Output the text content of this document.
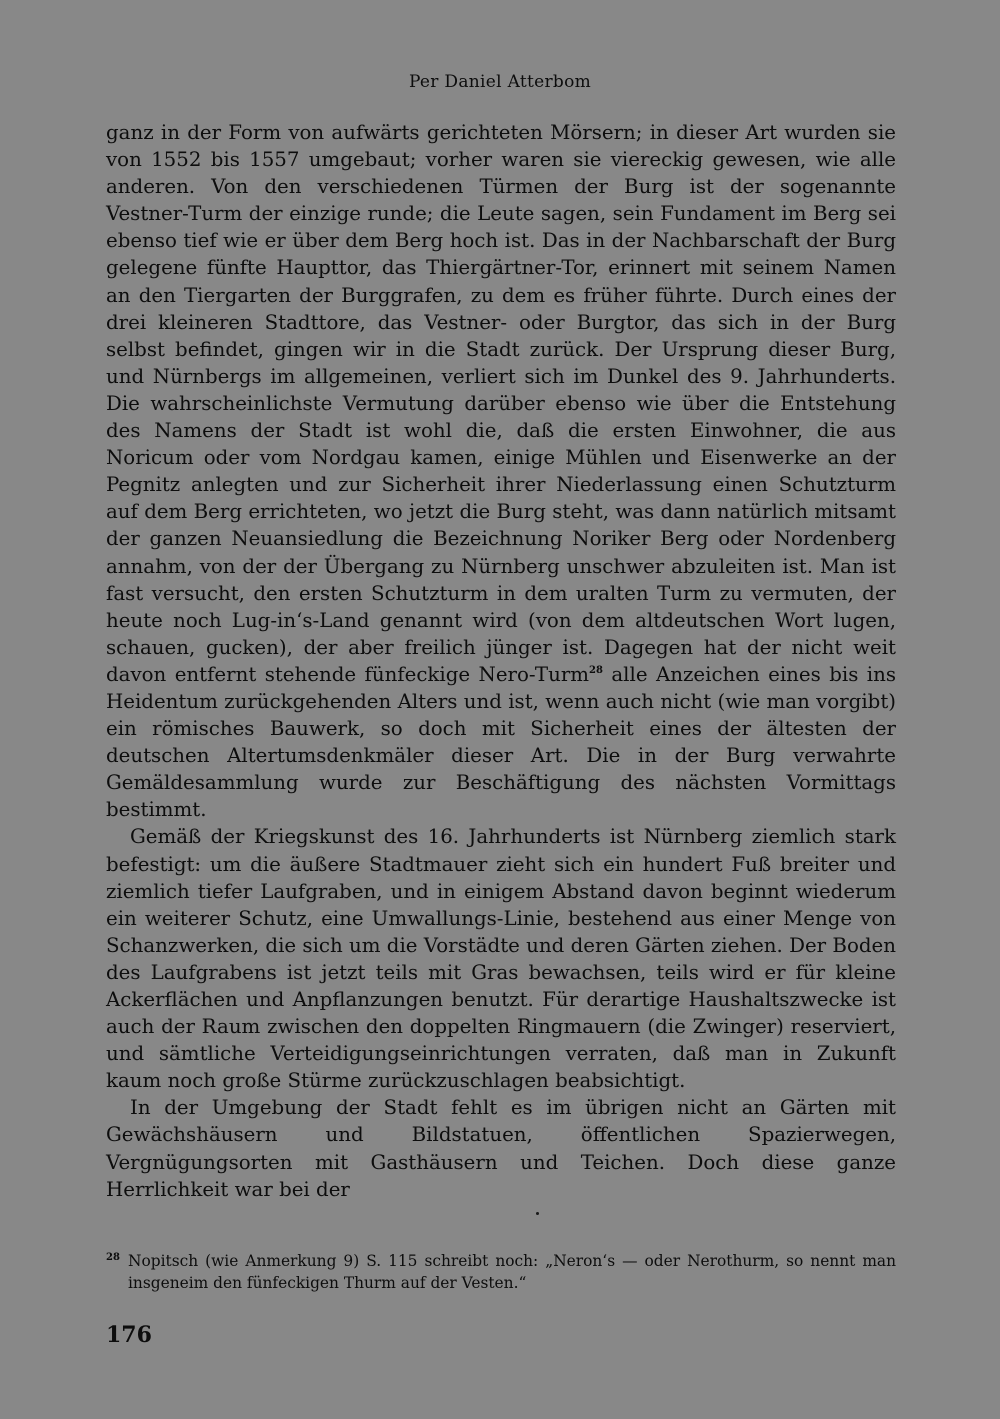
Per Daniel Atterbom

ganz in der Form von aufwärts gerichteten Mörsern; in dieser Art wurden sie von 1552 bis 1557 umgebaut; vorher waren sie viereckig gewesen, wie alle anderen. Von den verschiedenen Türmen der Burg ist der sogenannte Vestner-Turm der einzige runde; die Leute sagen, sein Fundament im Berg sei ebenso tief wie er über dem Berg hoch ist. Das in der Nachbarschaft der Burg gelegene fünfte Haupttor, das Thiergärtner-Tor, erinnert mit seinem Namen an den Tiergarten der Burggrafen, zu dem es früher führte. Durch eines der drei kleineren Stadttore, das Vestner- oder Burgtor, das sich in der Burg selbst befindet, gingen wir in die Stadt zurück. Der Ursprung dieser Burg, und Nürnbergs im allgemeinen, verliert sich im Dunkel des 9. Jahrhunderts. Die wahrscheinlichste Vermutung darüber ebenso wie über die Entstehung des Namens der Stadt ist wohl die, daß die ersten Einwohner, die aus Noricum oder vom Nordgau kamen, einige Mühlen und Eisenwerke an der Pegnitz anlegten und zur Sicherheit ihrer Niederlassung einen Schutzturm auf dem Berg errichteten, wo jetzt die Burg steht, was dann natürlich mitsamt der ganzen Neuansiedlung die Bezeichnung Noriker Berg oder Nordenberg annahm, von der der Übergang zu Nürnberg unschwer abzuleiten ist. Man ist fast versucht, den ersten Schutzturm in dem uralten Turm zu vermuten, der heute noch Lug-in‘s-Land genannt wird (von dem altdeutschen Wort lugen, schauen, gucken), der aber freilich jünger ist. Dagegen hat der nicht weit davon entfernt stehende fünfeckige Nero-Turm$^{28}$ alle Anzeichen eines bis ins Heidentum zurückgehenden Alters und ist, wenn auch nicht (wie man vorgibt) ein römisches Bauwerk, so doch mit Sicherheit eines der ältesten der deutschen Altertumsdenkmäler dieser Art. Die in der Burg verwahrte Gemäldesammlung wurde zur Beschäftigung des nächsten Vormittags bestimmt.

Gemäß der Kriegskunst des 16. Jahrhunderts ist Nürnberg ziemlich stark befestigt: um die äußere Stadtmauer zieht sich ein hundert Fuß breiter und ziemlich tiefer Laufgraben, und in einigem Abstand davon beginnt wiederum ein weiterer Schutz, eine Umwallungs-Linie, bestehend aus einer Menge von Schanzwerken, die sich um die Vorstädte und deren Gärten ziehen. Der Boden des Laufgrabens ist jetzt teils mit Gras bewachsen, teils wird er für kleine Ackerflächen und Anpflanzungen benutzt. Für derartige Haushaltszwecke ist auch der Raum zwischen den doppelten Ringmauern (die Zwinger) reserviert, und sämtliche Verteidigungseinrichtungen verraten, daß man in Zukunft kaum noch große Stürme zurückzuschlagen beabsichtigt.

In der Umgebung der Stadt fehlt es im übrigen nicht an Gärten mit Gewächshäusern und Bildstatuen, öffentlichen Spazierwegen, Vergnügungsorten mit Gasthäusern und Teichen. Doch diese ganze Herrlichkeit war bei der

28 Nopitsch (wie Anmerkung 9) S. 115 schreibt noch: „Neron‘s — oder Nerothurm, so nennt man insgeneim den fünfeckigen Thurm auf der Vesten.“
176
